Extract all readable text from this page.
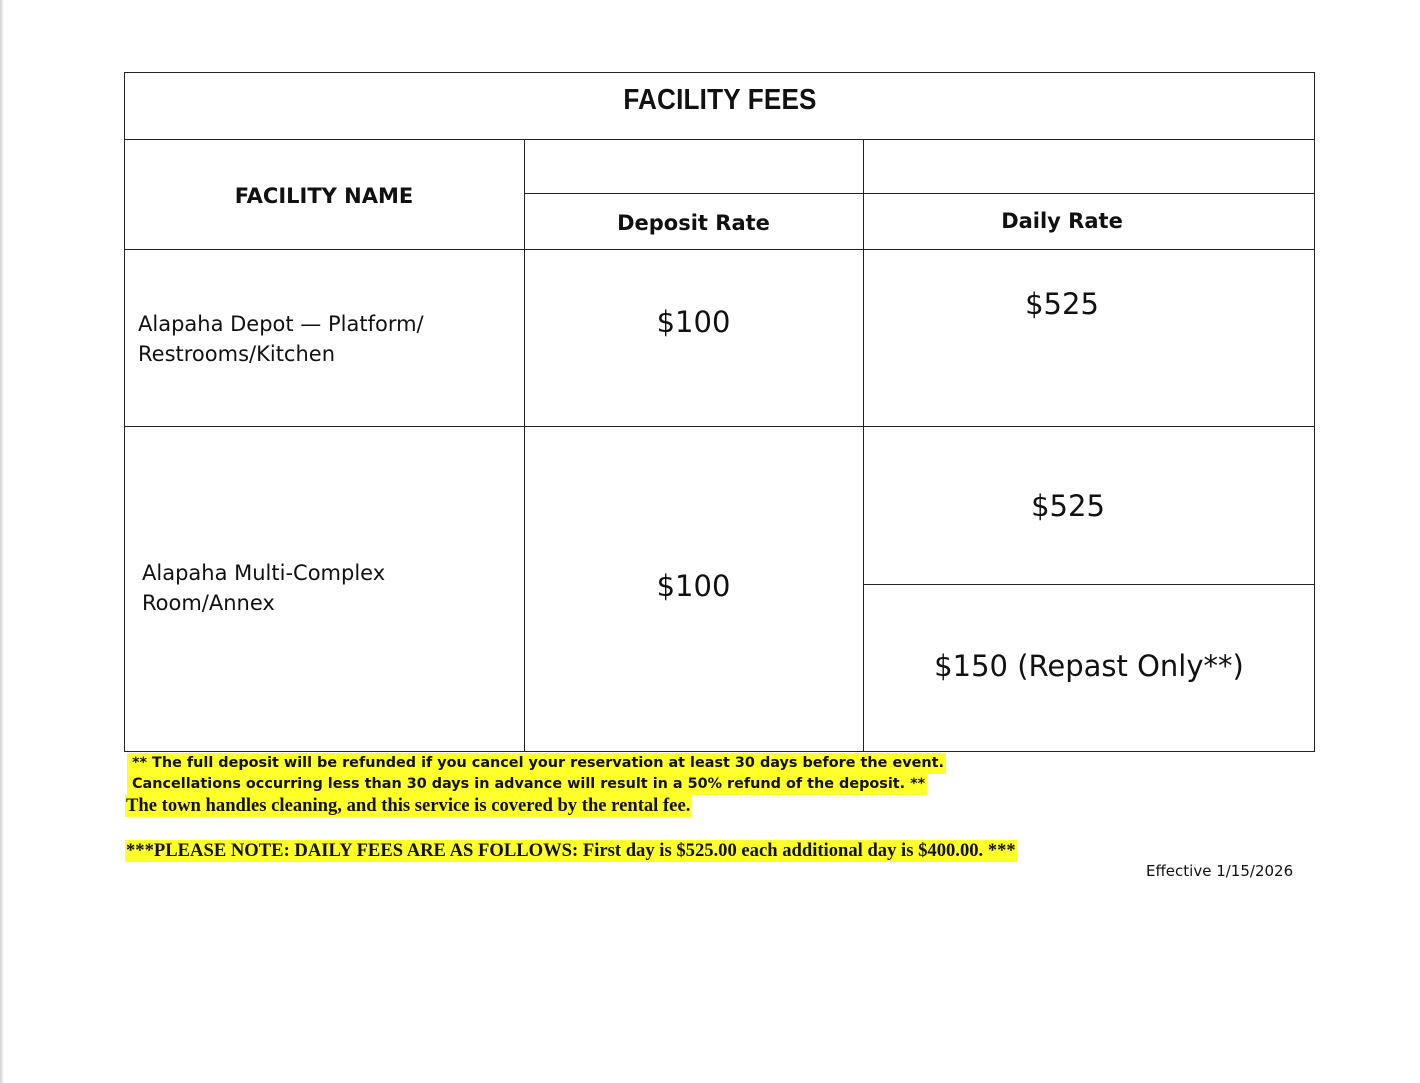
FACILITY FEES
FACILITY NAME
Deposit Rate	Daily Rate
Alapaha Depot — Platform/
Restrooms/Kitchen
$100
$525
Alapaha Multi-Complex
Room/Annex	$100
$525
$150 (Repast Only**)
** The full deposit will be refunded if you cancel your reservation at least 30 days before the event.
Cancellations occurring less than 30 days in advance will result in a 50% refund of the deposit. **
The town handles cleaning, and this service is covered by the rental fee.
***PLEASE NOTE: DAILY FEES ARE AS FOLLOWS: First day is $525.00 each additional day is $400.00. ***
Effective 1/15/2026
